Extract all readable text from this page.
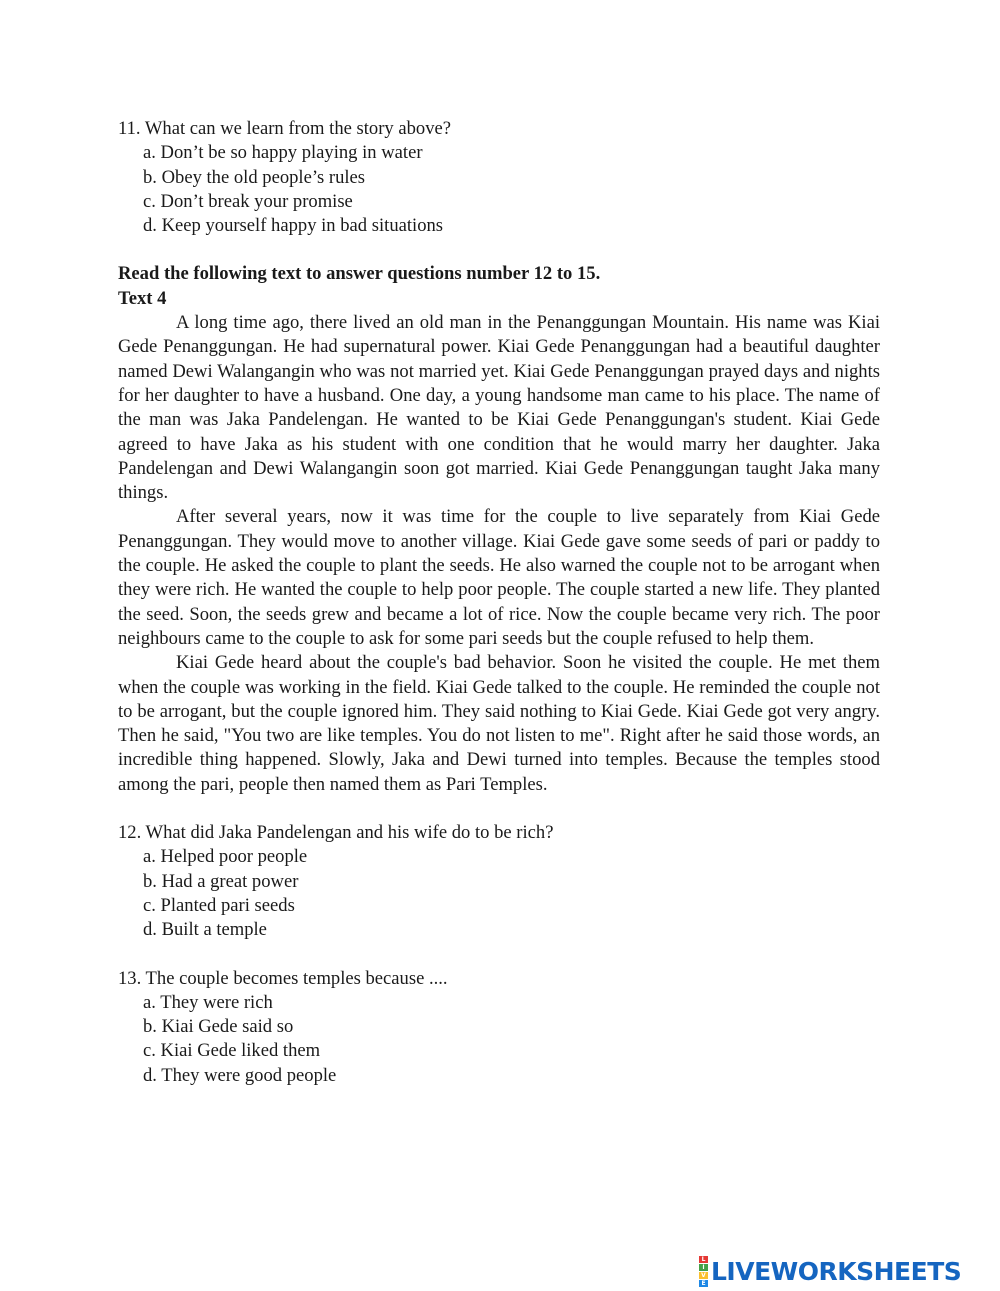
11. What can we learn from the story above?

a. Don’t be so happy playing in water
b. Obey the old people’s rules
c. Don’t break your promise
d. Keep yourself happy in bad situations

Read the following text to answer questions number 12 to 15.

Text 4

A long time ago, there lived an old man in the Penanggungan Mountain. His name was Kiai Gede Penanggungan. He had supernatural power. Kiai Gede Penanggungan had a beautiful daughter named Dewi Walangangin who was not married yet. Kiai Gede Penanggungan prayed days and nights for her daughter to have a husband. One day, a young handsome man came to his place. The name of the man was Jaka Pandelengan. He wanted to be Kiai Gede Penanggungan's student. Kiai Gede agreed to have Jaka as his student with one condition that he would marry her daughter. Jaka Pandelengan and Dewi Walangangin soon got married. Kiai Gede Penanggungan taught Jaka many things.

After several years, now it was time for the couple to live separately from Kiai Gede Penanggungan. They would move to another village. Kiai Gede gave some seeds of pari or paddy to the couple. He asked the couple to plant the seeds. He also warned the couple not to be arrogant when they were rich. He wanted the couple to help poor people. The couple started a new life. They planted the seed. Soon, the seeds grew and became a lot of rice. Now the couple became very rich. The poor neighbours came to the couple to ask for some pari seeds but the couple refused to help them.

Kiai Gede heard about the couple's bad behavior. Soon he visited the couple. He met them when the couple was working in the field. Kiai Gede talked to the couple. He reminded the couple not to be arrogant, but the couple ignored him. They said nothing to Kiai Gede. Kiai Gede got very angry. Then he said, "You two are like temples. You do not listen to me". Right after he said those words, an incredible thing happened. Slowly, Jaka and Dewi turned into temples. Because the temples stood among the pari, people then named them as Pari Temples.

12. What did Jaka Pandelengan and his wife do to be rich?

a. Helped poor people
b. Had a great power
c. Planted pari seeds
d. Built a temple

13. The couple becomes temples because ....

a. They were rich
b. Kiai Gede said so
c. Kiai Gede liked them
d. They were good people
L
I
V
E LIVEWORKSHEETS
